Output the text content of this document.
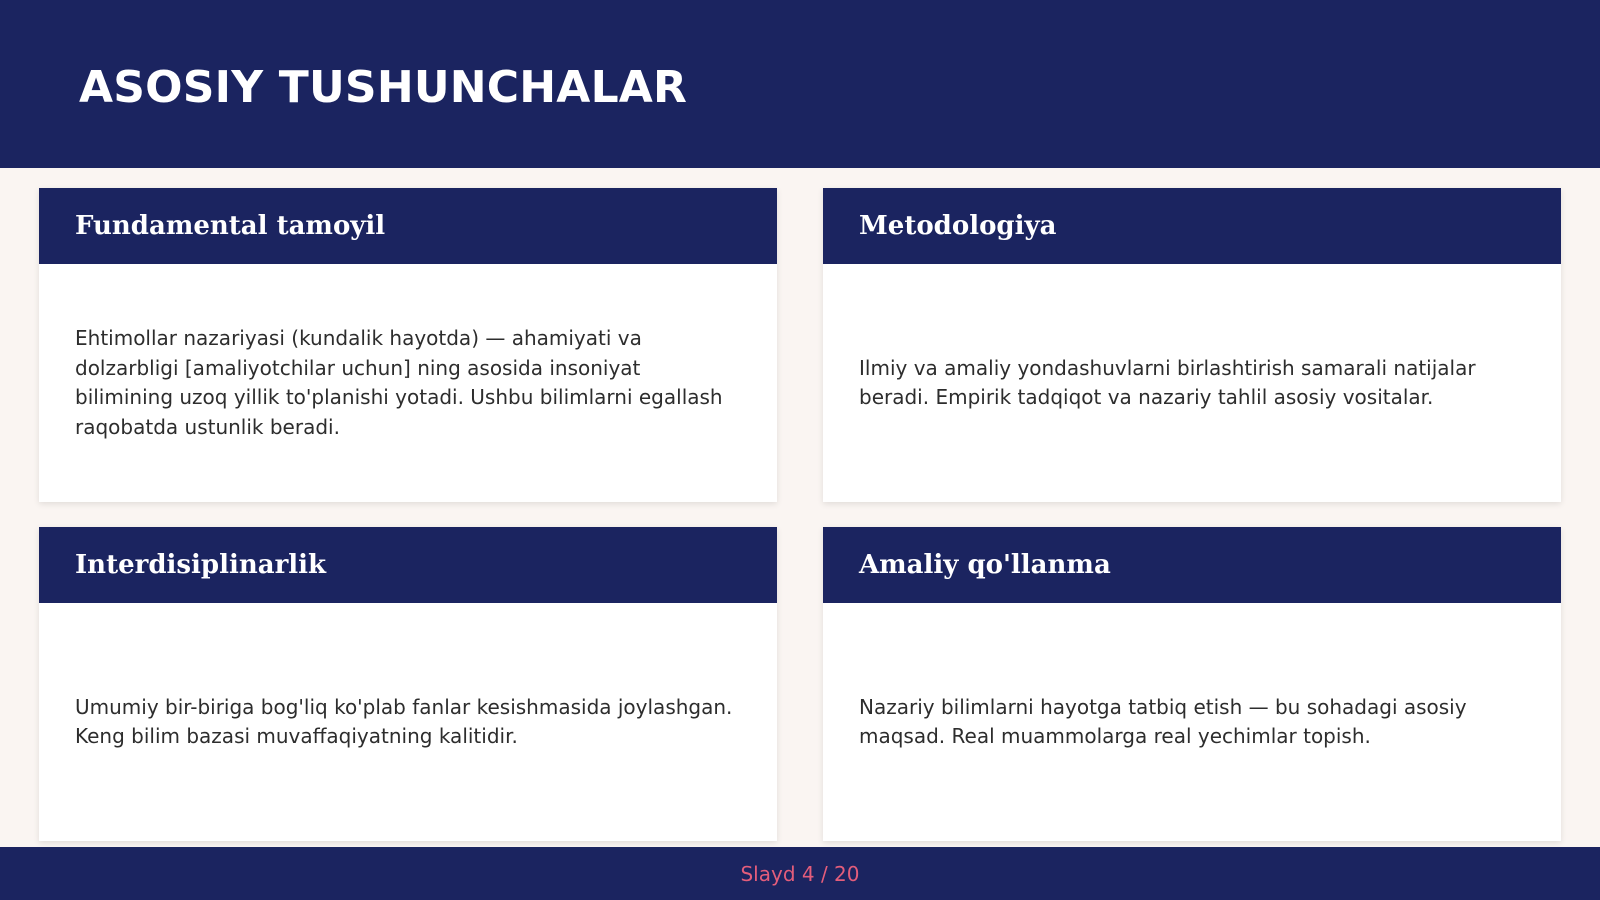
ASOSIY TUSHUNCHALAR
Fundamental tamoyil

Ehtimollar nazariyasi (kundalik hayotda) — ahamiyati va dolzarbligi [amaliyotchilar uchun] ning asosida insoniyat bilimining uzoq yillik to'planishi yotadi. Ushbu bilimlarni egallash raqobatda ustunlik beradi.

Metodologiya

Ilmiy va amaliy yondashuvlarni birlashtirish samarali natijalar beradi. Empirik tadqiqot va nazariy tahlil asosiy vositalar.

Interdisiplinarlik

Umumiy bir-biriga bog'liq ko'plab fanlar kesishmasida joylashgan. Keng bilim bazasi muvaffaqiyatning kalitidir.

Amaliy qo'llanma

Nazariy bilimlarni hayotga tatbiq etish — bu sohadagi asosiy maqsad. Real muammolarga real yechimlar topish.

Slayd 4 / 20
